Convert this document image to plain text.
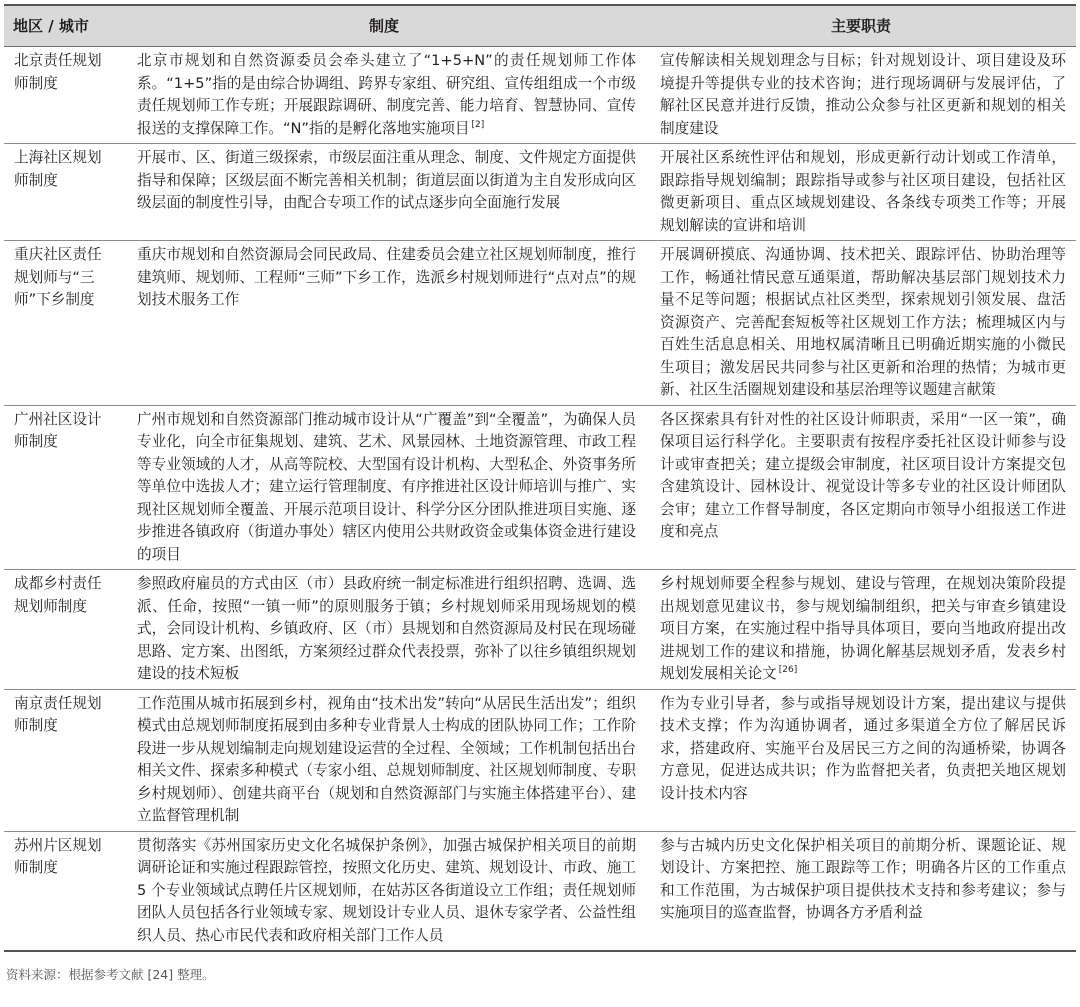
地区 / 城市	制度	主要职责
北京责任规划师制度	北京市规划和自然资源委员会牵头建立了“1+5+N”的责任规划师工作体系。“1+5”指的是由综合协调组、跨界专家组、研究组、宣传组组成一个市级责任规划师工作专班；开展跟踪调研、制度完善、能力培育、智慧协同、宣传报送的支撑保障工作。“N”指的是孵化落地实施项目 [2]	宣传解读相关规划理念与目标；针对规划设计、项目建设及环境提升等提供专业的技术咨询；进行现场调研与发展评估，了解社区民意并进行反馈，推动公众参与社区更新和规划的相关制度建设
上海社区规划师制度	开展市、区、街道三级探索，市级层面注重从理念、制度、文件规定方面提供指导和保障；区级层面不断完善相关机制；街道层面以街道为主自发形成向区级层面的制度性引导，由配合专项工作的试点逐步向全面施行发展	开展社区系统性评估和规划，形成更新行动计划或工作清单，跟踪指导规划编制；跟踪指导或参与社区项目建设，包括社区微更新项目、重点区域规划建设、各条线专项类工作等；开展规划解读的宣讲和培训
重庆社区责任规划师与“三师”下乡制度	重庆市规划和自然资源局会同民政局、住建委员会建立社区规划师制度，推行建筑师、规划师、工程师“三师”下乡工作，选派乡村规划师进行“点对点”的规划技术服务工作	开展调研摸底、沟通协调、技术把关、跟踪评估、协助治理等工作，畅通社情民意互通渠道，帮助解决基层部门规划技术力量不足等问题；根据试点社区类型，探索规划引领发展、盘活资源资产、完善配套短板等社区规划工作方法；梳理城区内与百姓生活息息相关、用地权属清晰且已明确近期实施的小微民生项目；激发居民共同参与社区更新和治理的热情；为城市更新、社区生活圈规划建设和基层治理等议题建言献策
广州社区设计师制度	广州市规划和自然资源部门推动城市设计从“广覆盖”到“全覆盖”，为确保人员专业化，向全市征集规划、建筑、艺术、风景园林、土地资源管理、市政工程等专业领域的人才，从高等院校、大型国有设计机构、大型私企、外资事务所等单位中选拔人才；建立运行管理制度、有序推进社区设计师培训与推广、实现社区规划师全覆盖、开展示范项目设计、科学分区分团队推进项目实施、逐步推进各镇政府（街道办事处）辖区内使用公共财政资金或集体资金进行建设的项目	各区探索具有针对性的社区设计师职责，采用“一区一策”，确保项目运行科学化。主要职责有按程序委托社区设计师参与设计或审查把关；建立提级会审制度，社区项目设计方案提交包含建筑设计、园林设计、视觉设计等多专业的社区设计师团队会审；建立工作督导制度，各区定期向市领导小组报送工作进度和亮点
成都乡村责任规划师制度	参照政府雇员的方式由区（市）县政府统一制定标准进行组织招聘、选调、选派、任命，按照“一镇一师”的原则服务于镇；乡村规划师采用现场规划的模式，会同设计机构、乡镇政府、区（市）县规划和自然资源局及村民在现场碰思路、定方案、出图纸，方案须经过群众代表投票，弥补了以往乡镇组织规划建设的技术短板	乡村规划师要全程参与规划、建设与管理，在规划决策阶段提出规划意见建议书，参与规划编制组织，把关与审查乡镇建设项目方案，在实施过程中指导具体项目，要向当地政府提出改进规划工作的建议和措施，协调化解基层规划矛盾，发表乡村规划发展相关论文 [26]
南京责任规划师制度	工作范围从城市拓展到乡村，视角由“技术出发”转向“从居民生活出发”；组织模式由总规划师制度拓展到由多种专业背景人士构成的团队协同工作；工作阶段进一步从规划编制走向规划建设运营的全过程、全领域；工作机制包括出台相关文件、探索多种模式（专家小组、总规划师制度、社区规划师制度、专职乡村规划师）、创建共商平台（规划和自然资源部门与实施主体搭建平台）、建立监督管理机制	作为专业引导者，参与或指导规划设计方案，提出建议与提供技术支撑；作为沟通协调者，通过多渠道全方位了解居民诉求，搭建政府、实施平台及居民三方之间的沟通桥梁，协调各方意见，促进达成共识；作为监督把关者，负责把关地区规划设计技术内容
苏州片区规划师制度	贯彻落实《苏州国家历史文化名城保护条例》，加强古城保护相关项目的前期调研论证和实施过程跟踪管控，按照文化历史、建筑、规划设计、市政、施工 5 个专业领域试点聘任片区规划师，在姑苏区各街道设立工作组；责任规划师团队人员包括各行业领域专家、规划设计专业人员、退休专家学者、公益性组织人员、热心市民代表和政府相关部门工作人员	参与古城内历史文化保护相关项目的前期分析、课题论证、规划设计、方案把控、施工跟踪等工作；明确各片区的工作重点和工作范围，为古城保护项目提供技术支持和参考建议；参与实施项目的巡查监督，协调各方矛盾利益
资料来源：根据参考文献 [24] 整理。
